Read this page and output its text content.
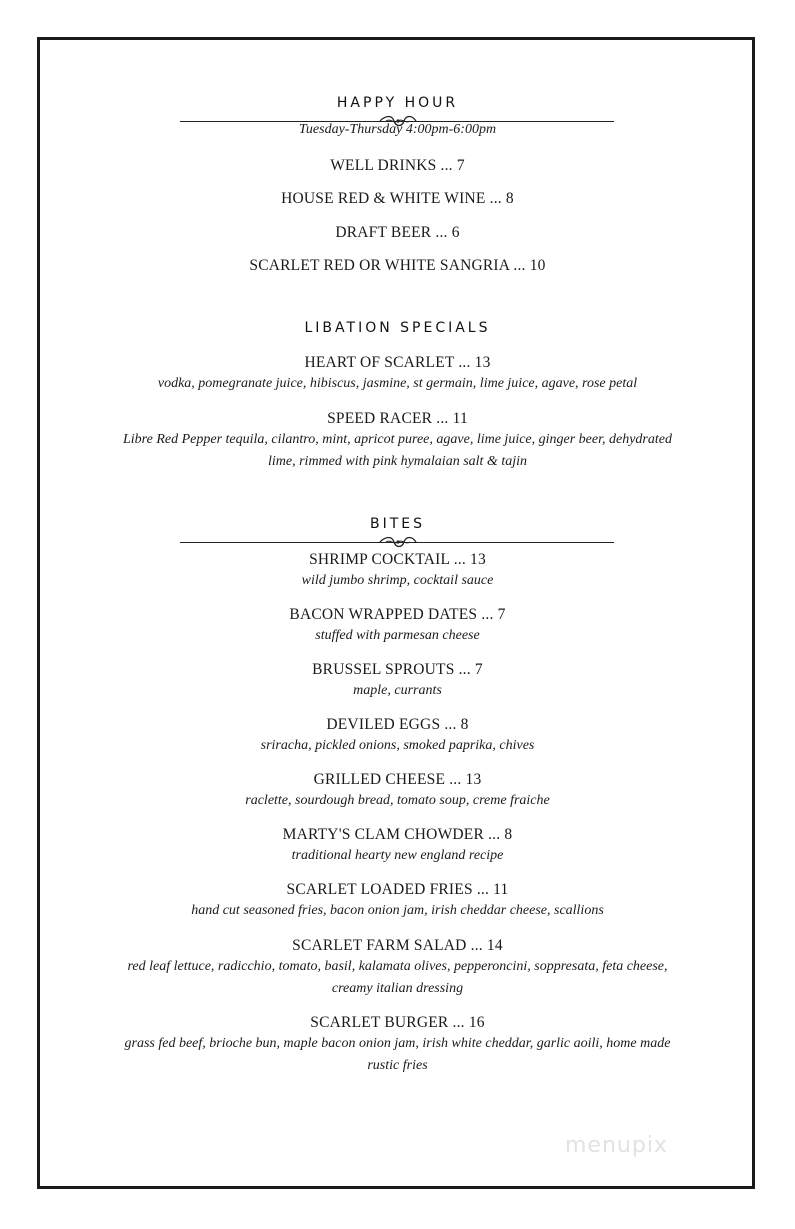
HAPPY HOUR
Tuesday-Thursday 4:00pm-6:00pm
WELL DRINKS ... 7
HOUSE RED & WHITE WINE ... 8
DRAFT BEER ... 6
SCARLET RED OR WHITE SANGRIA ... 10
LIBATION SPECIALS
HEART OF SCARLET ... 13
vodka, pomegranate juice, hibiscus, jasmine, st germain, lime juice, agave, rose petal
SPEED RACER ... 11
Libre Red Pepper tequila, cilantro, mint, apricot puree, agave, lime juice, ginger beer, dehydrated lime, rimmed with pink hymalaian salt & tajin
BITES
SHRIMP COCKTAIL ... 13
wild jumbo shrimp, cocktail sauce
BACON WRAPPED DATES ... 7
stuffed with parmesan cheese
BRUSSEL SPROUTS ... 7
maple, currants
DEVILED EGGS ... 8
sriracha, pickled onions, smoked paprika, chives
GRILLED CHEESE ... 13
raclette, sourdough bread, tomato soup, creme fraiche
MARTY'S CLAM CHOWDER ... 8
traditional hearty new england recipe
SCARLET LOADED FRIES ... 11
hand cut seasoned fries, bacon onion jam, irish cheddar cheese, scallions
SCARLET FARM SALAD ... 14
red leaf lettuce, radicchio, tomato, basil, kalamata olives, pepperoncini, soppresata, feta cheese, creamy italian dressing
SCARLET BURGER ... 16
grass fed beef, brioche bun, maple bacon onion jam, irish white cheddar, garlic aoili, home made rustic fries
menupix
